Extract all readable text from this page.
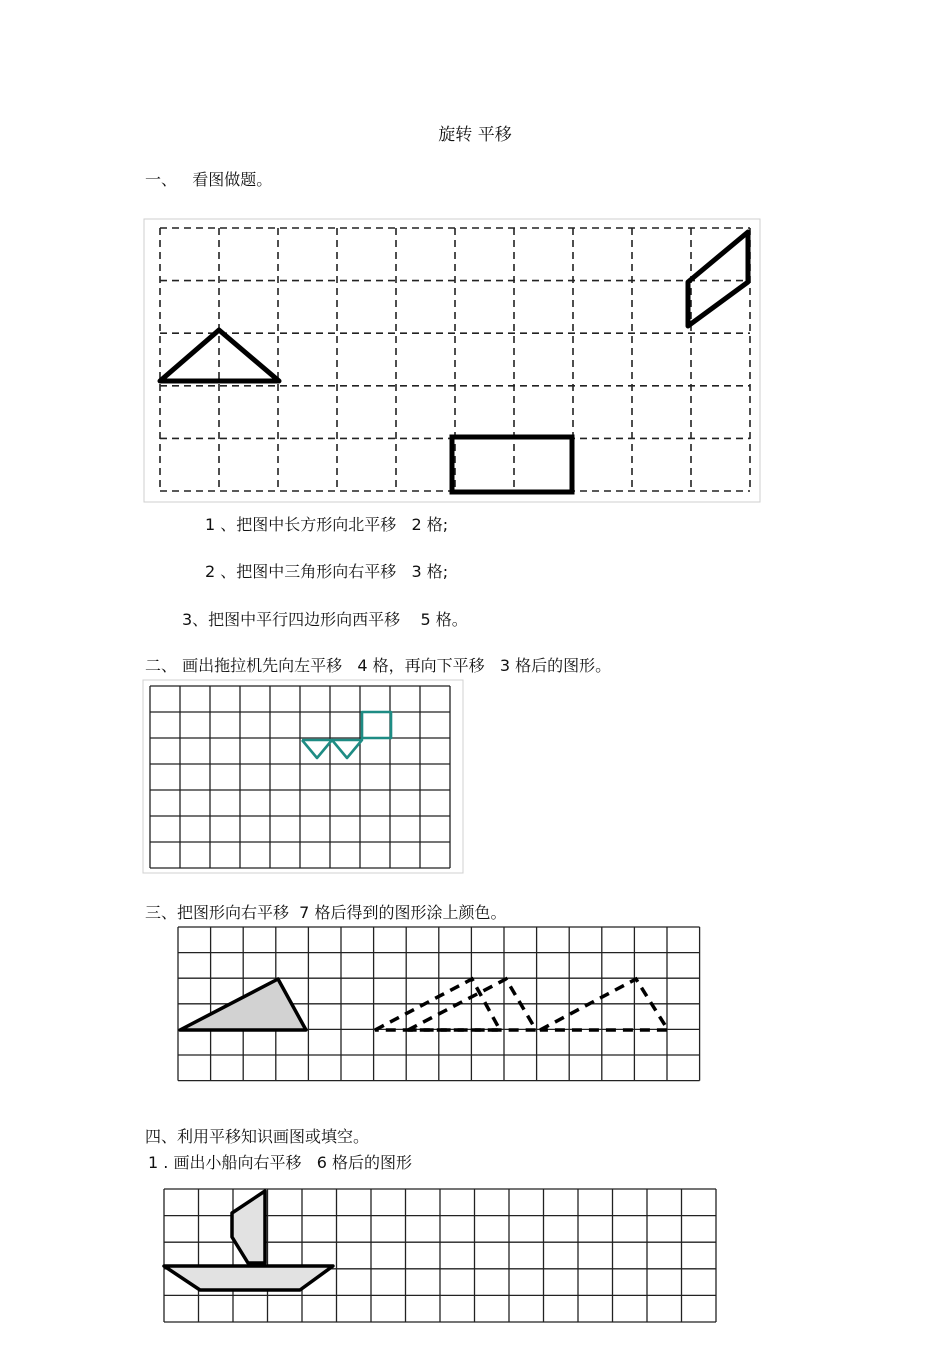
旋转 平移
一、   看图做题。
1 、把图中长方形向北平移   2 格;
2 、把图中三角形向右平移   3 格;
3、把图中平行四边形向西平移    5 格。
二、 画出拖拉机先向左平移   4 格，再向下平移   3 格后的图形。
三、把图形向右平移  7 格后得到的图形涂上颜色。
四、利用平移知识画图或填空。
1 . 画出小船向右平移   6 格后的图形
